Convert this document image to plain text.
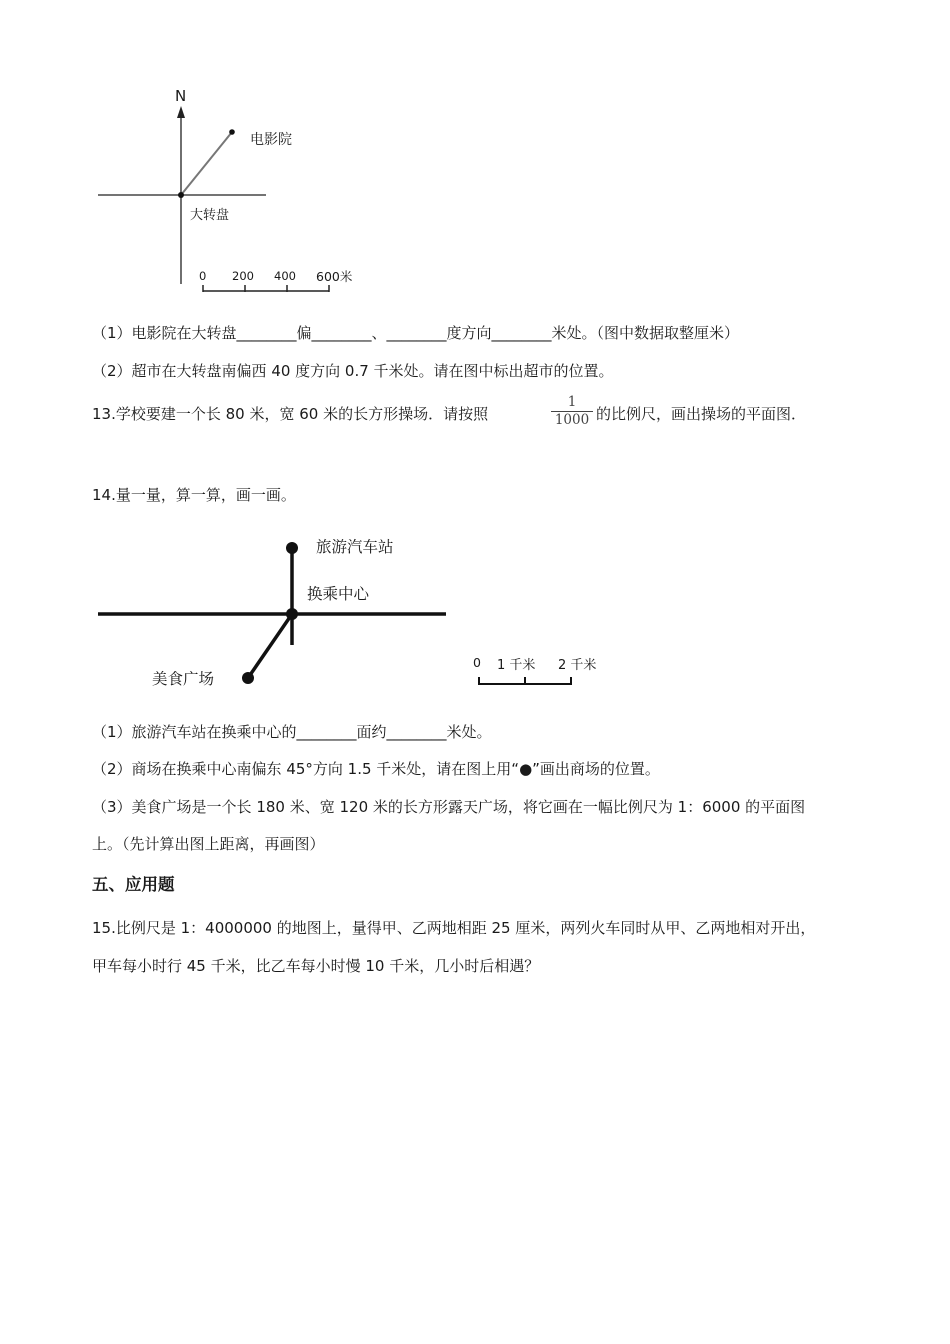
N
电影院
大转盘
0 200 400 600米
（1）电影院在大转盘________偏________、________度方向________米处。（图中数据取整厘米）
（2）超市在大转盘南偏西 40 度方向 0.7 千米处。请在图中标出超市的位置。
13.学校要建一个长 80 米，宽 60 米的长方形操场．请按照
1
1000 的比例尺，画出操场的平面图．
14.量一量，算一算，画一画。
旅游汽车站
换乘中心
美食广场
0 1 千米 2 千米
（1）旅游汽车站在换乘中心的________面约________米处。
（2）商场在换乘中心南偏东 45°方向 1.5 千米处，请在图上用“●”画出商场的位置。
（3）美食广场是一个长 180 米、宽 120 米的长方形露天广场，将它画在一幅比例尺为 1：6000 的平面图
上。（先计算出图上距离，再画图）
五、应用题
15.比例尺是 1：4000000 的地图上，量得甲、乙两地相距 25 厘米，两列火车同时从甲、乙两地相对开出，
甲车每小时行 45 千米，比乙车每小时慢 10 千米，几小时后相遇？
